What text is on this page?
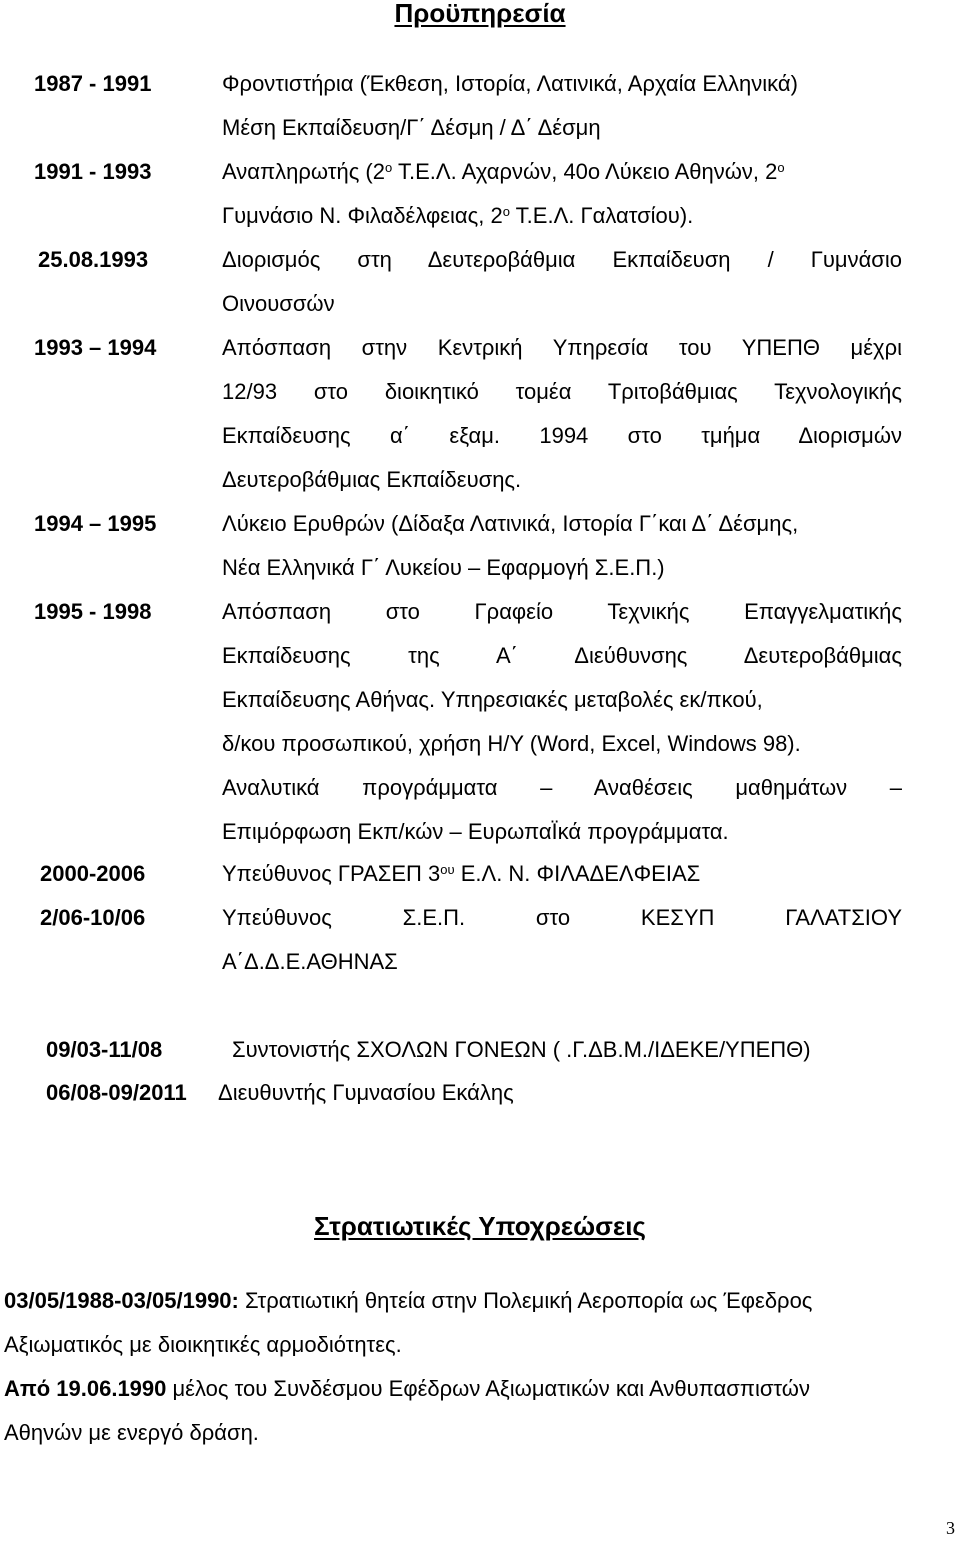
Προϋπηρεσία
1987 - 1991	Φροντιστήρια (Έκθεση, Ιστορία, Λατινικά, Αρχαία Ελληνικά)
Μέση Εκπαίδευση/Γ΄ Δέσμη / Δ΄ Δέσμη
1991 - 1993	Αναπληρωτής ($2^o$ Τ.Ε.Λ. Αχαρνών, 40ο Λύκειο Αθηνών, $2^o$
Γυμνάσιο Ν. Φιλαδέλφειας, $2^o$ Τ.Ε.Λ. Γαλατσίου).
25.08.1993	Διορισμός στη Δευτεροβάθμια Εκπαίδευση / Γυμνάσιο
Οινουσσών
1993 – 1994	Απόσπαση στην Κεντρική Υπηρεσία του ΥΠΕΠΘ μέχρι
12/93 στο διοικητικό τομέα Τριτοβάθμιας Τεχνολογικής
Εκπαίδευσης α΄ εξαμ. 1994 στο τμήμα Διορισμών
Δευτεροβάθμιας Εκπαίδευσης.
1994 – 1995	Λύκειο Ερυθρών (Δίδαξα Λατινικά, Ιστορία Γ΄και Δ΄ Δέσμης,
Νέα Ελληνικά Γ΄ Λυκείου – Εφαρμογή Σ.Ε.Π.)
1995 - 1998	Απόσπαση στο Γραφείο Τεχνικής Επαγγελματικής
Εκπαίδευσης της Α΄ Διεύθυνσης Δευτεροβάθμιας
Εκπαίδευσης Αθήνας. Υπηρεσιακές μεταβολές εκ/πκού,
δ/κου προσωπικού, χρήση Η/Υ (Word, Excel, Windows 98).
Αναλυτικά προγράμματα – Αναθέσεις μαθημάτων –
Επιμόρφωση Εκπ/κών – ΕυρωπαΪκά προγράμματα.
2000-2006	Υπεύθυνος ΓΡΑΣΕΠ $3^{o\upsilon}$ Ε.Λ. Ν. ΦΙΛΑΔΕΛΦΕΙΑΣ
2/06-10/06	Υπεύθυνος Σ.Ε.Π. στο ΚΕΣΥΠ ΓΑΛΑΤΣΙΟΥ
Α΄Δ.Δ.Ε.ΑΘΗΝΑΣ
09/03-11/08	Συντονιστής ΣΧΟΛΩΝ ΓΟΝΕΩΝ ( .Γ.ΔΒ.Μ./ΙΔΕΚΕ/ΥΠΕΠΘ)
06/08-09/2011 Διευθυντής Γυμνασίου Εκάλης
Στρατιωτικές Υποχρεώσεις
03/05/1988-03/05/1990: Στρατιωτική θητεία στην Πολεμική Αεροπορία ως Έφεδρος
Αξιωματικός με διοικητικές αρμοδιότητες.
Από 19.06.1990 μέλος του Συνδέσμου Εφέδρων Αξιωματικών και Ανθυπασπιστών
Αθηνών με ενεργό δράση.
3
